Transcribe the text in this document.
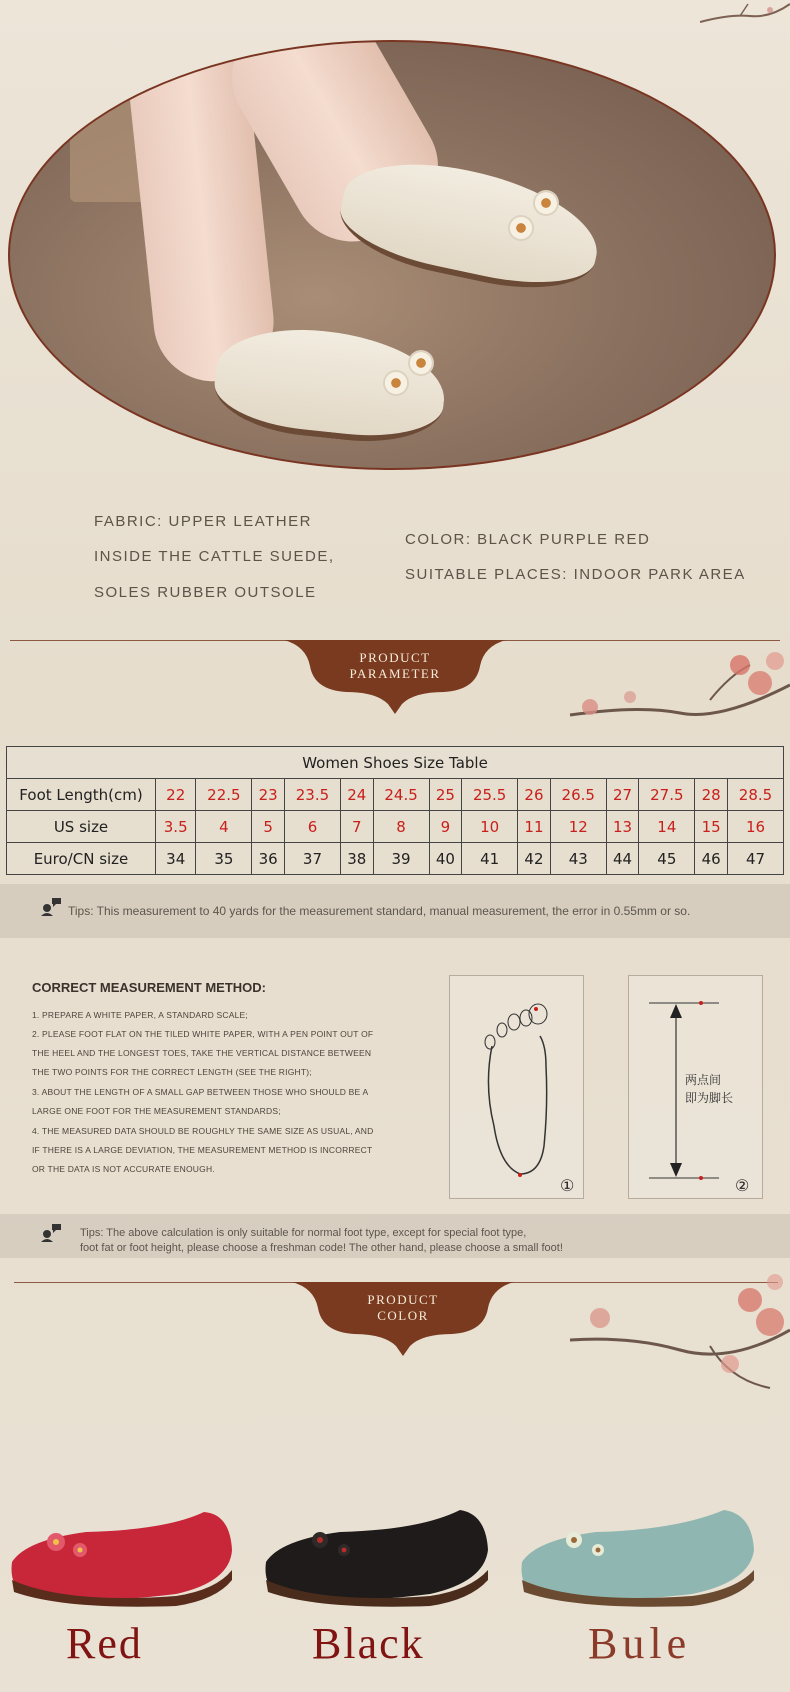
FABRIC: UPPER LEATHER
INSIDE THE CATTLE SUEDE,
SOLES RUBBER OUTSOLE
COLOR: BLACK PURPLE RED
SUITABLE PLACES: INDOOR PARK AREA
PRODUCT
PARAMETER
Women Shoes Size Table														
Foot Length(cm)	22	22.5	23	23.5	24	24.5	25	25.5	26	26.5	27	27.5	28	28.5
US size	3.5	4	5	6	7	8	9	10	11	12	13	14	15	16
Euro/CN size	34	35	36	37	38	39	40	41	42	43	44	45	46	47
Tips: This measurement to 40 yards for the measurement standard, manual measurement, the error in 0.55mm or so.
CORRECT MEASUREMENT METHOD:
1. PREPARE A WHITE PAPER, A STANDARD SCALE;
2. PLEASE FOOT FLAT ON THE TILED WHITE PAPER, WITH A PEN POINT OUT OF
THE HEEL AND THE LONGEST TOES, TAKE THE VERTICAL DISTANCE BETWEEN
THE TWO POINTS FOR THE CORRECT LENGTH (SEE THE RIGHT);
3. ABOUT THE LENGTH OF A SMALL GAP BETWEEN THOSE WHO SHOULD BE A
LARGE ONE FOOT FOR THE MEASUREMENT STANDARDS;
4. THE MEASURED DATA SHOULD BE ROUGHLY THE SAME SIZE AS USUAL, AND
IF THERE IS A LARGE DEVIATION, THE MEASUREMENT METHOD IS INCORRECT
OR THE DATA IS NOT ACCURATE ENOUGH.
①
两点间
即为脚长
②
Tips: The above calculation is only suitable for normal foot type, except for special foot type,
foot fat or foot height, please choose a freshman code! The other hand, please choose a small foot!
PRODUCT
COLOR
Red	Black	Bule
